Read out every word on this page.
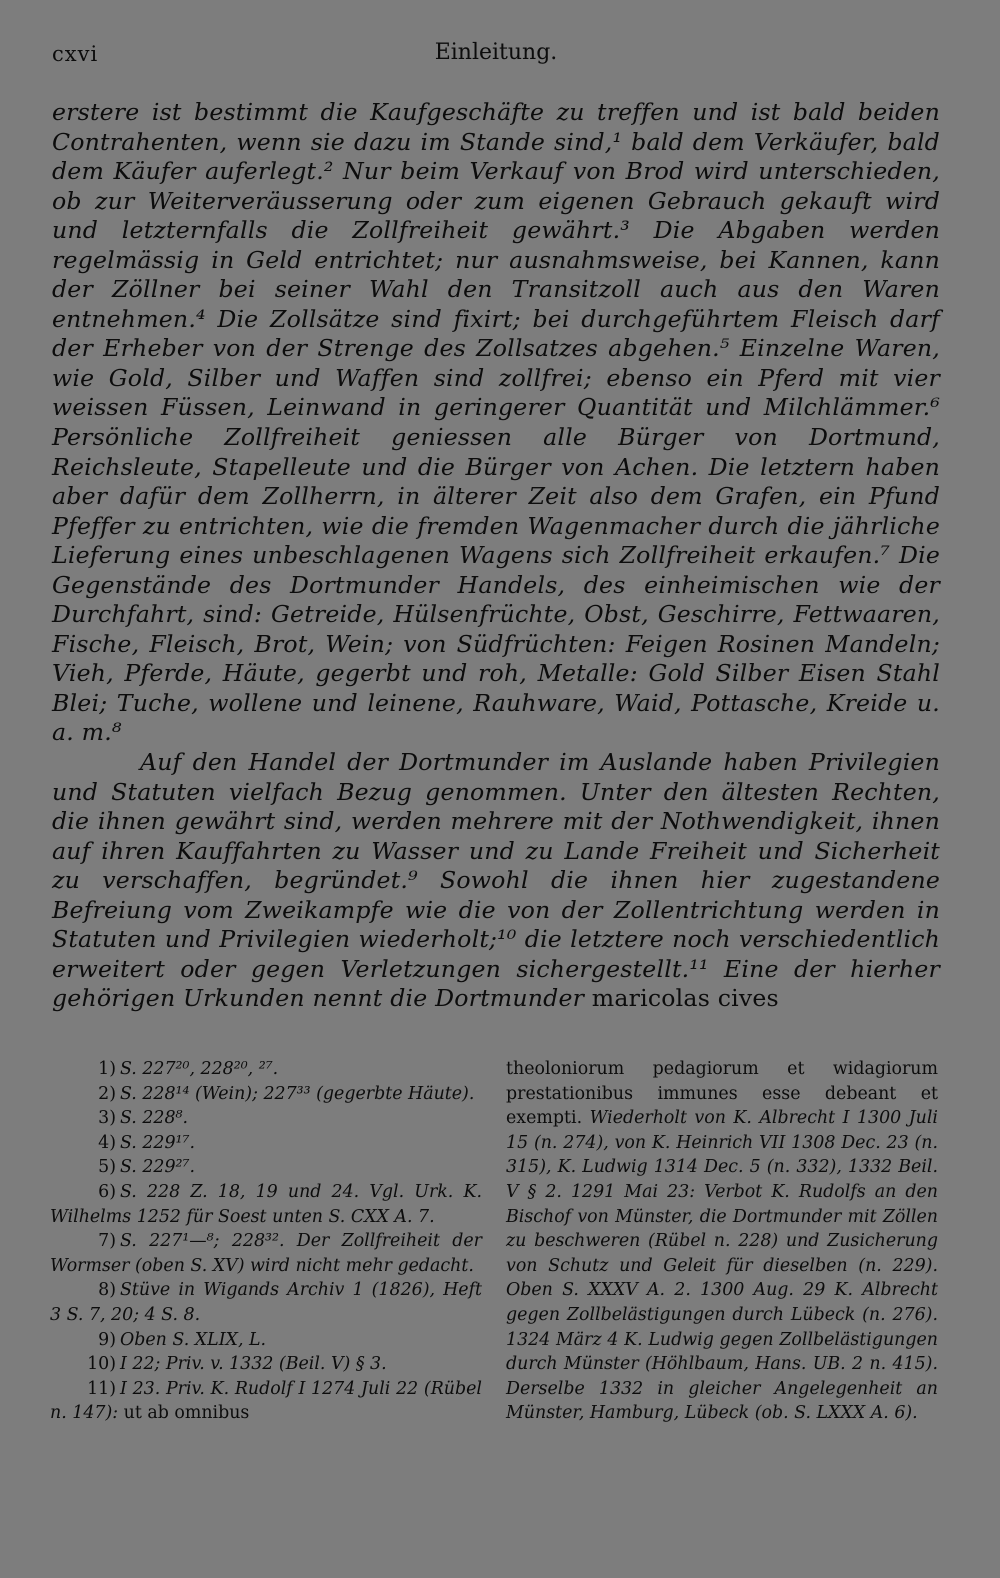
cxvi	Einleitung.

erstere ist bestimmt die Kaufgeschäfte zu treffen und ist bald beiden Contrahenten, wenn sie dazu im Stande sind,¹ bald dem Verkäufer, bald dem Käufer auferlegt.² Nur beim Verkauf von Brod wird unterschieden, ob zur Weiterveräusserung oder zum eigenen Gebrauch gekauft wird und letzternfalls die Zollfreiheit gewährt.³ Die Abgaben werden regelmässig in Geld entrichtet; nur ausnahmsweise, bei Kannen, kann der Zöllner bei seiner Wahl den Transitzoll auch aus den Waren entnehmen.⁴ Die Zollsätze sind fixirt; bei durchgeführtem Fleisch darf der Erheber von der Strenge des Zollsatzes abgehen.⁵ Einzelne Waren, wie Gold, Silber und Waffen sind zollfrei; ebenso ein Pferd mit vier weissen Füssen, Leinwand in geringerer Quantität und Milchlämmer.⁶ Persönliche Zollfreiheit geniessen alle Bürger von Dortmund, Reichsleute, Stapelleute und die Bürger von Achen. Die letztern haben aber dafür dem Zollherrn, in älterer Zeit also dem Grafen, ein Pfund Pfeffer zu entrichten, wie die fremden Wagenmacher durch die jährliche Lieferung eines unbeschlagenen Wagens sich Zollfreiheit erkaufen.⁷ Die Gegenstände des Dortmunder Handels, des einheimischen wie der Durchfahrt, sind: Getreide, Hülsenfrüchte, Obst, Geschirre, Fettwaaren, Fische, Fleisch, Brot, Wein; von Südfrüchten: Feigen Rosinen Mandeln; Vieh, Pferde, Häute, gegerbt und roh, Metalle: Gold Silber Eisen Stahl Blei; Tuche, wollene und leinene, Rauhware, Waid, Pottasche, Kreide u. a. m.⁸

Auf den Handel der Dortmunder im Auslande haben Privilegien und Statuten vielfach Bezug genommen. Unter den ältesten Rechten, die ihnen gewährt sind, werden mehrere mit der Nothwendigkeit, ihnen auf ihren Kauffahrten zu Wasser und zu Lande Freiheit und Sicherheit zu verschaffen, begründet.⁹ Sowohl die ihnen hier zugestandene Befreiung vom Zweikampfe wie die von der Zollentrichtung werden in Statuten und Privilegien wiederholt;¹⁰ die letztere noch verschiedentlich erweitert oder gegen Verletzungen sichergestellt.¹¹ Eine der hierher gehörigen Urkunden nennt die Dortmunder maricolas cives

1) S. 227²⁰, 228²⁰, ²⁷.
2) S. 228¹⁴ (Wein); 227³³ (gegerbte Häute).
3) S. 228⁸.
4) S. 229¹⁷.
5) S. 229²⁷.
6) S. 228 Z. 18, 19 und 24. Vgl. Urk. K. Wilhelms 1252 für Soest unten S. CXX A. 7.
7) S. 227¹—⁸; 228³². Der Zollfreiheit der Wormser (oben S. XV) wird nicht mehr gedacht.
8) Stüve in Wigands Archiv 1 (1826), Heft 3 S. 7, 20; 4 S. 8.
9) Oben S. XLIX, L.
10) I 22; Priv. v. 1332 (Beil. V) § 3.
11) I 23. Priv. K. Rudolf I 1274 Juli 22 (Rübel n. 147): ut ab omnibus

theoloniorum pedagiorum et widagiorum prestationibus immunes esse debeant et exempti. Wiederholt von K. Albrecht I 1300 Juli 15 (n. 274), von K. Heinrich VII 1308 Dec. 23 (n. 315), K. Ludwig 1314 Dec. 5 (n. 332), 1332 Beil. V § 2. 1291 Mai 23: Verbot K. Rudolfs an den Bischof von Münster, die Dortmunder mit Zöllen zu beschweren (Rübel n. 228) und Zusicherung von Schutz und Geleit für dieselben (n. 229). Oben S. XXXV A. 2. 1300 Aug. 29 K. Albrecht gegen Zollbelästigungen durch Lübeck (n. 276). 1324 März 4 K. Ludwig gegen Zollbelästigungen durch Münster (Höhlbaum, Hans. UB. 2 n. 415). Derselbe 1332 in gleicher Angelegenheit an Münster, Hamburg, Lübeck (ob. S. LXXX A. 6).
